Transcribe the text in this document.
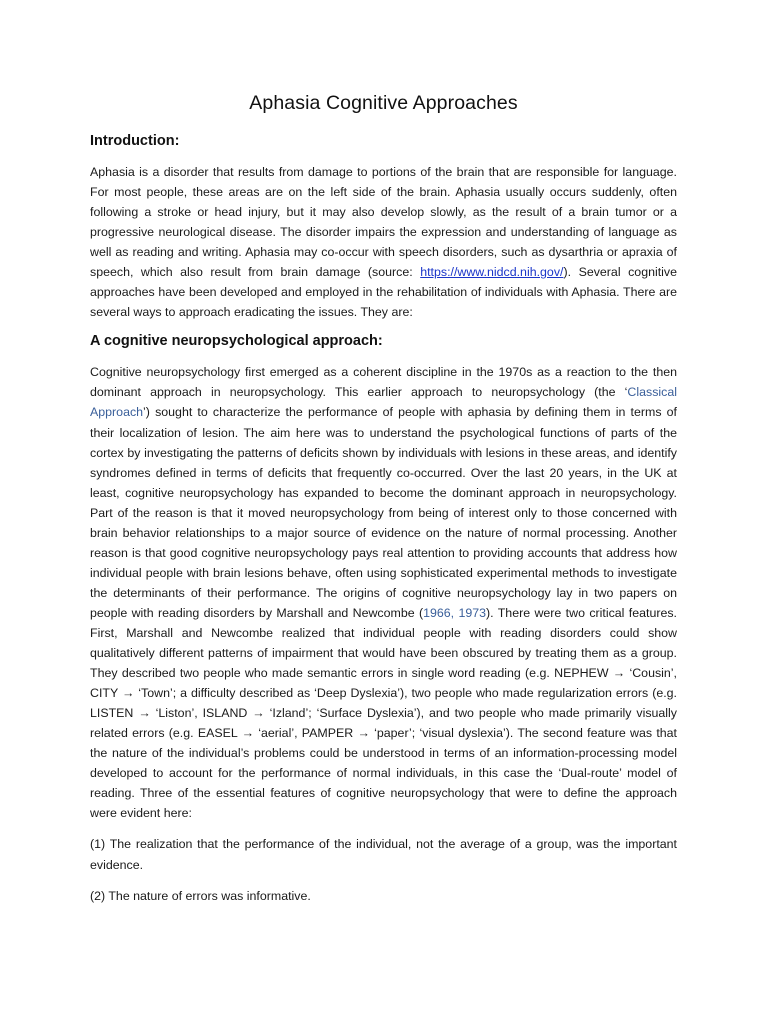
Aphasia Cognitive Approaches
Introduction:

Aphasia is a disorder that results from damage to portions of the brain that are responsible for language. For most people, these areas are on the left side of the brain. Aphasia usually occurs suddenly, often following a stroke or head injury, but it may also develop slowly, as the result of a brain tumor or a progressive neurological disease. The disorder impairs the expression and understanding of language as well as reading and writing. Aphasia may co-occur with speech disorders, such as dysarthria or apraxia of speech, which also result from brain damage (source: https://www.nidcd.nih.gov/). Several cognitive approaches have been developed and employed in the rehabilitation of individuals with Aphasia. There are several ways to approach eradicating the issues. They are:

A cognitive neuropsychological approach:

Cognitive neuropsychology first emerged as a coherent discipline in the 1970s as a reaction to the then dominant approach in neuropsychology. This earlier approach to neuropsychology (the ‘Classical Approach’) sought to characterize the performance of people with aphasia by defining them in terms of their localization of lesion. The aim here was to understand the psychological functions of parts of the cortex by investigating the patterns of deficits shown by individuals with lesions in these areas, and identify syndromes defined in terms of deficits that frequently co-occurred. Over the last 20 years, in the UK at least, cognitive neuropsychology has expanded to become the dominant approach in neuropsychology. Part of the reason is that it moved neuropsychology from being of interest only to those concerned with brain behavior relationships to a major source of evidence on the nature of normal processing. Another reason is that good cognitive neuropsychology pays real attention to providing accounts that address how individual people with brain lesions behave, often using sophisticated experimental methods to investigate the determinants of their performance. The origins of cognitive neuropsychology lay in two papers on people with reading disorders by Marshall and Newcombe (1966, 1973). There were two critical features. First, Marshall and Newcombe realized that individual people with reading disorders could show qualitatively different patterns of impairment that would have been obscured by treating them as a group. They described two people who made semantic errors in single word reading (e.g. NEPHEW → ‘Cousin’, CITY → ‘Town’; a difficulty described as ‘Deep Dyslexia’), two people who made regularization errors (e.g. LISTEN → ‘Liston’, ISLAND → ‘Izland’; ‘Surface Dyslexia’), and two people who made primarily visually related errors (e.g. EASEL → ‘aerial’, PAMPER → ‘paper’; ‘visual dyslexia’). The second feature was that the nature of the individual’s problems could be understood in terms of an information-processing model developed to account for the performance of normal individuals, in this case the ‘Dual-route’ model of reading. Three of the essential features of cognitive neuropsychology that were to define the approach were evident here:

(1) The realization that the performance of the individual, not the average of a group, was the important evidence.

(2) The nature of errors was informative.
